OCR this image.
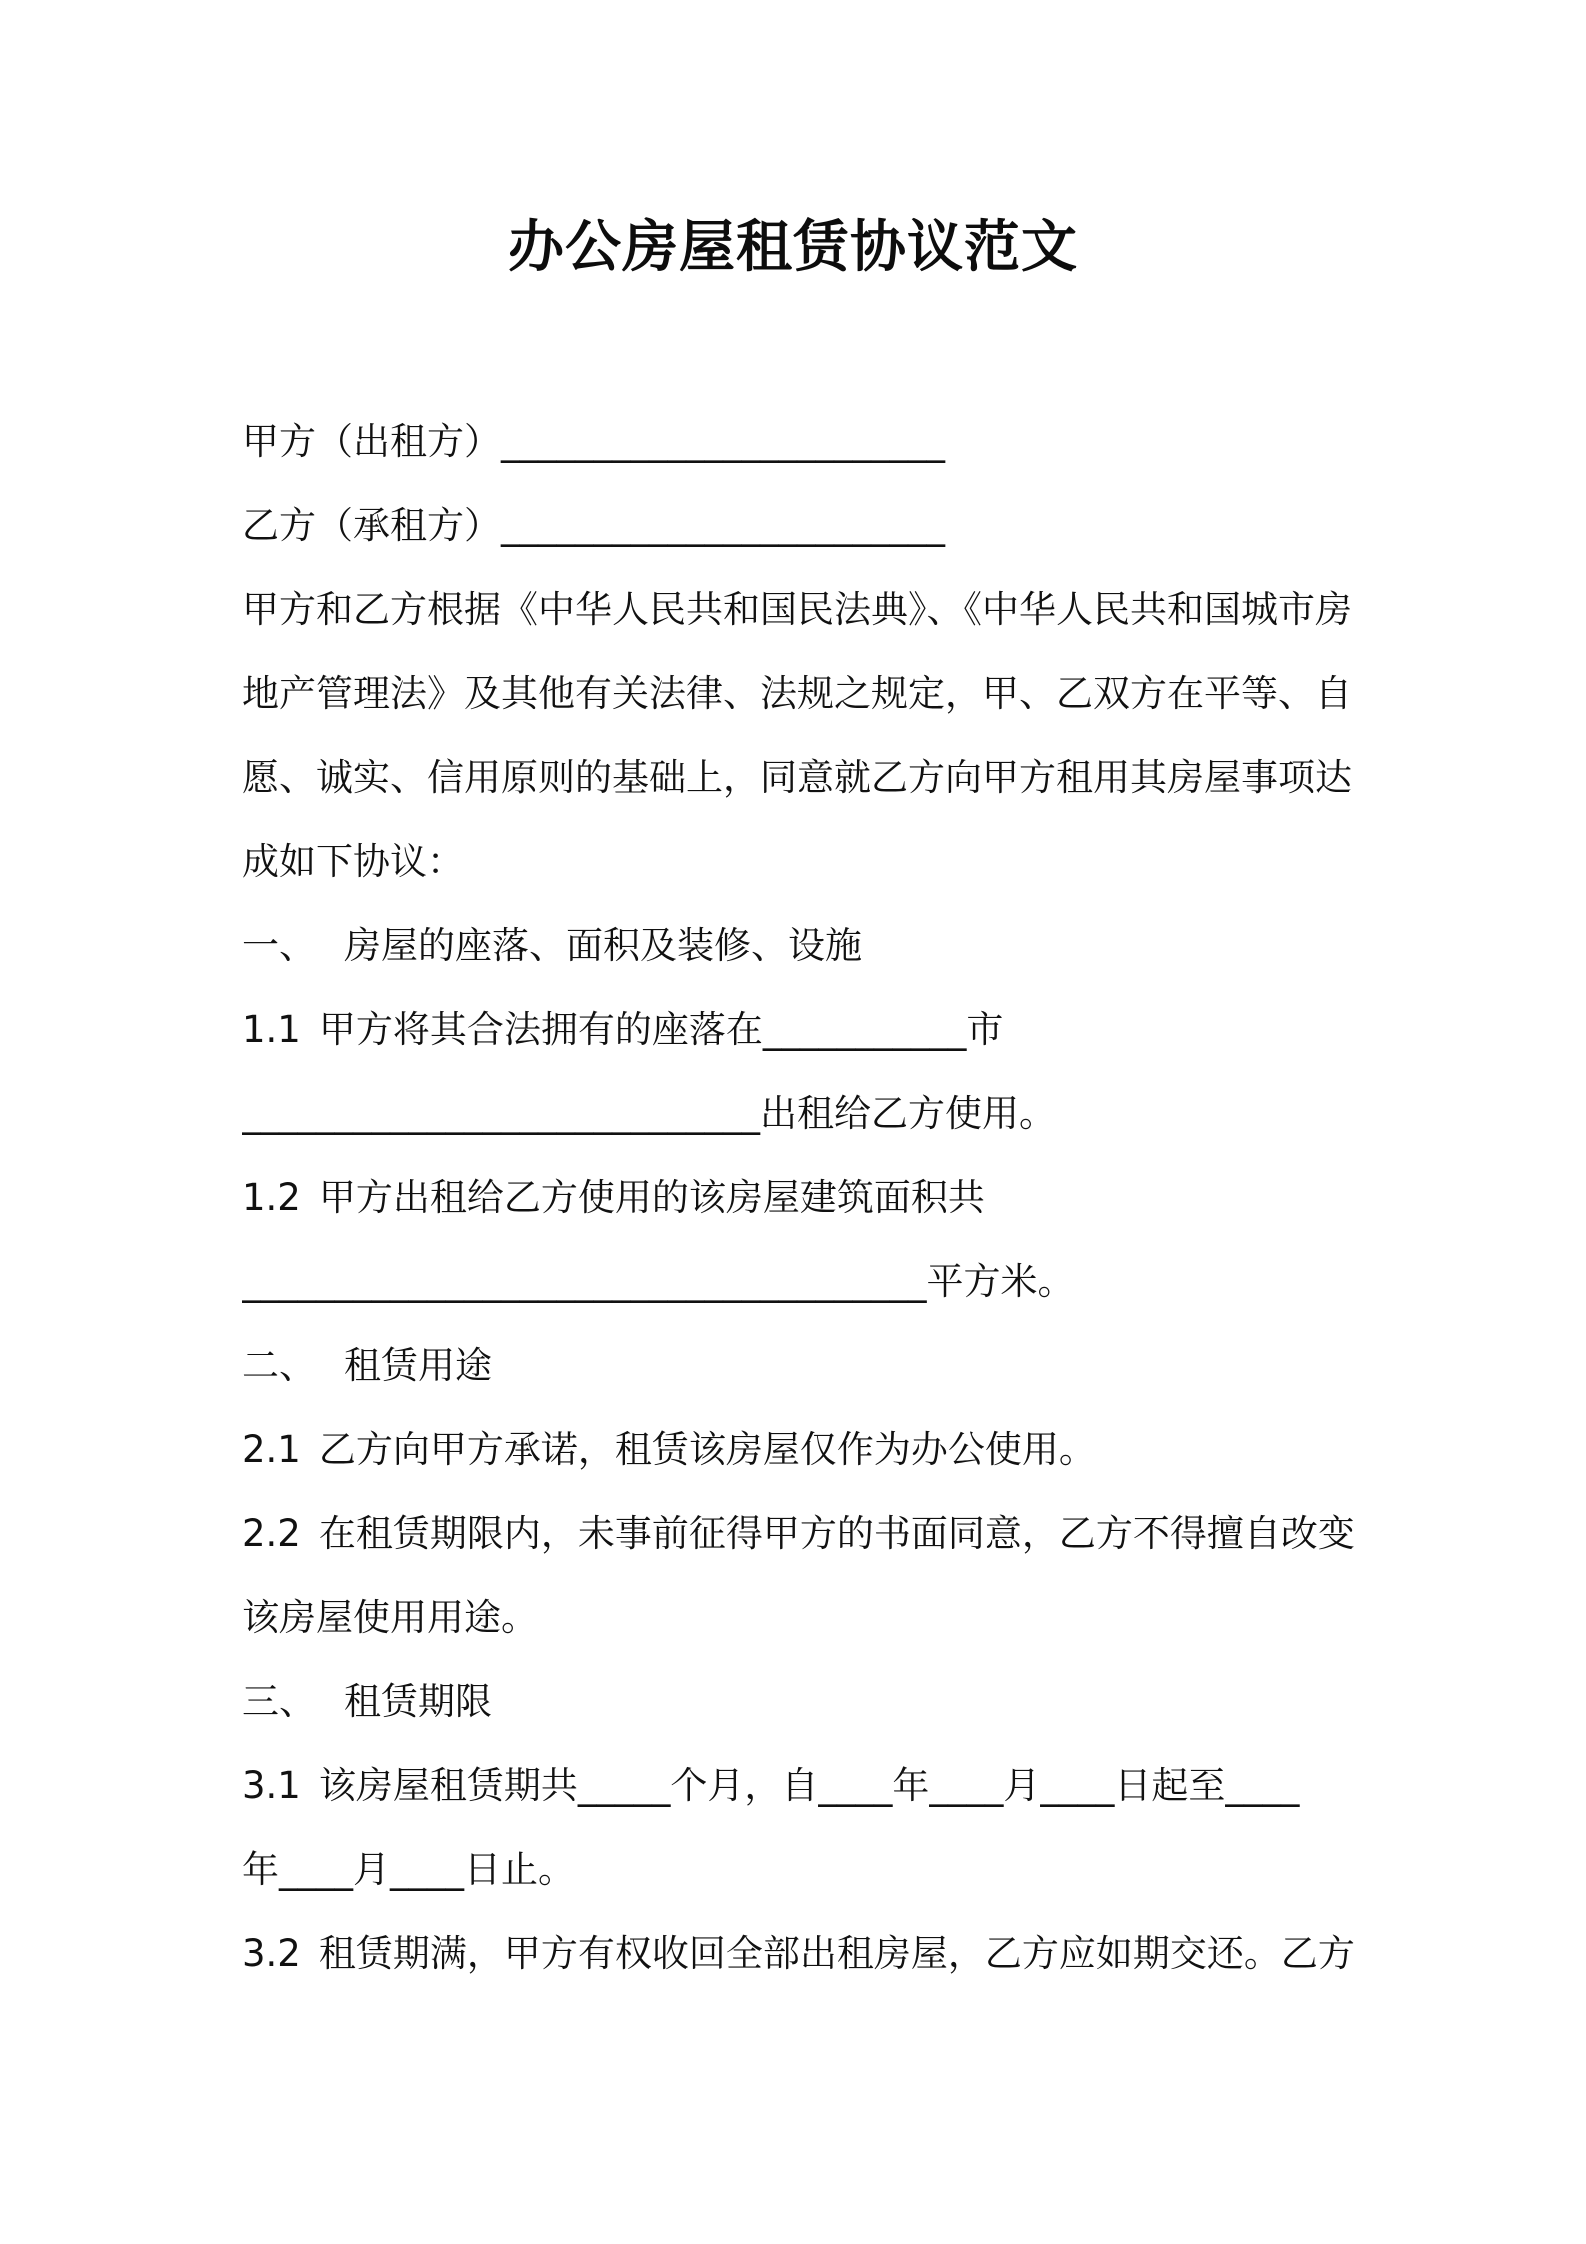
办公房屋租赁协议范文
甲方（出租方）________________________
乙方（承租方）________________________
甲方和乙方根据《中华人民共和国民法典》、《中华人民共和国城市房
地产管理法》及其他有关法律、法规之规定，甲、乙双方在平等、自
愿、诚实、信用原则的基础上，同意就乙方向甲方租用其房屋事项达
成如下协议：
一、 房屋的座落、面积及装修、设施
1.1 甲方将其合法拥有的座落在___________市
____________________________出租给乙方使用。
1.2 甲方出租给乙方使用的该房屋建筑面积共
_____________________________________平方米。
二、 租赁用途
2.1 乙方向甲方承诺，租赁该房屋仅作为办公使用。
2.2 在租赁期限内，未事前征得甲方的书面同意，乙方不得擅自改变
该房屋使用用途。
三、 租赁期限
3.1 该房屋租赁期共_____个月，自____年____月____日起至____
年____月____日止。
3.2 租赁期满，甲方有权收回全部出租房屋，乙方应如期交还。乙方
